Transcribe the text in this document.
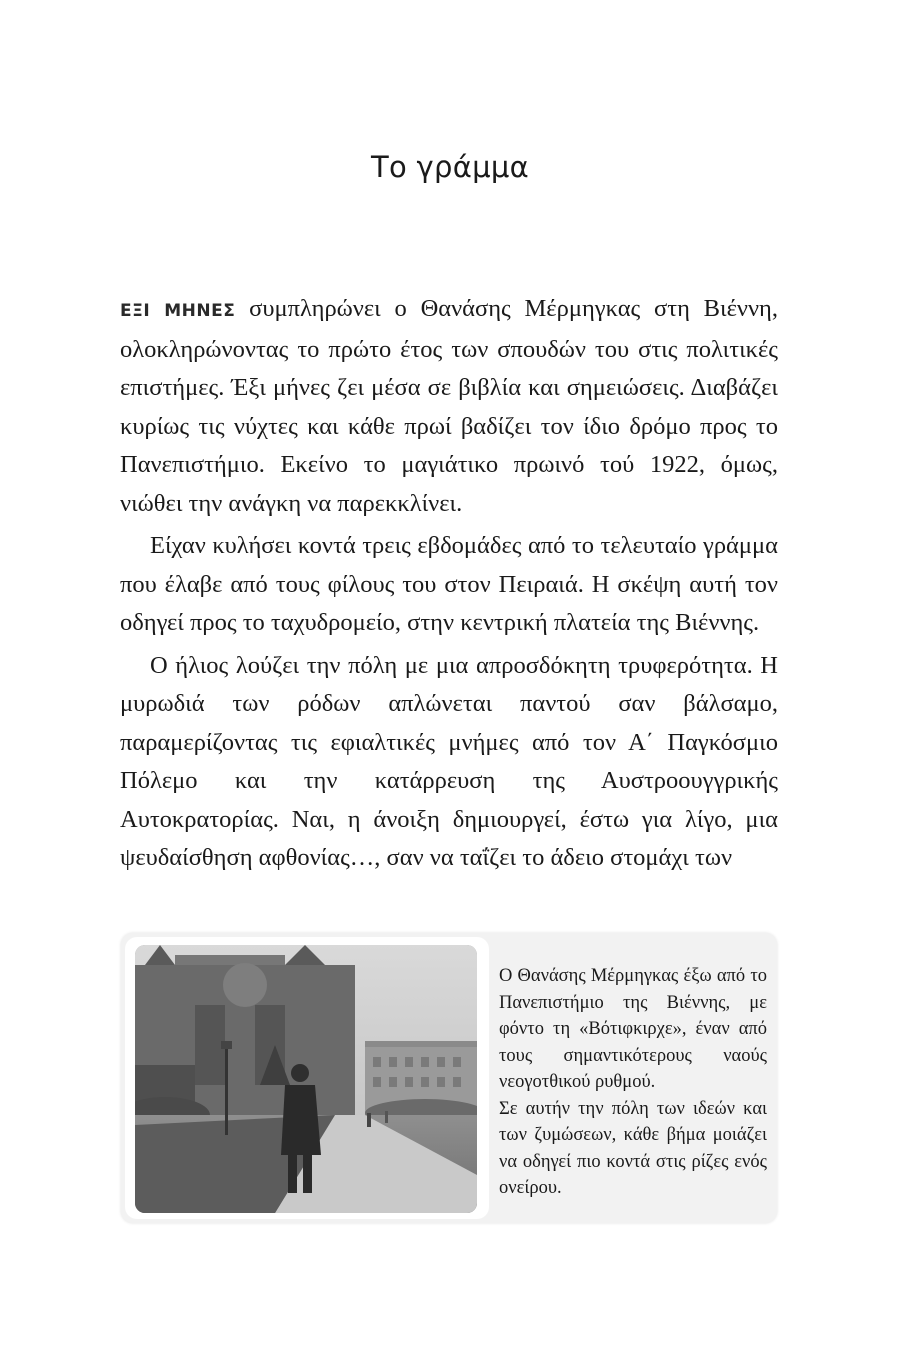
Το γράμμα

ΕΞΙ ΜΗΝΕΣ συμπληρώνει ο Θανάσης Μέρμηγκας στη Βιέννη, ολοκληρώνοντας το πρώτο έτος των σπουδών του στις πολιτικές επιστήμες. Έξι μήνες ζει μέσα σε βιβλία και σημειώσεις. Διαβάζει κυρίως τις νύχτες και κάθε πρωί βαδίζει τον ίδιο δρόμο προς το Πανεπιστήμιο. Εκείνο το μαγιάτικο πρωινό τού 1922, όμως, νιώθει την ανάγκη να παρεκκλίνει.

Είχαν κυλήσει κοντά τρεις εβδομάδες από το τελευταίο γράμμα που έλαβε από τους φίλους του στον Πειραιά. Η σκέψη αυτή τον οδηγεί προς το ταχυδρομείο, στην κεντρική πλατεία της Βιέννης.

Ο ήλιος λούζει την πόλη με μια απροσδόκητη τρυφερότητα. Η μυρωδιά των ρόδων απλώνεται παντού σαν βάλσαμο, παραμερίζοντας τις εφιαλτικές μνήμες από τον Α΄ Παγκόσμιο Πόλεμο και την κατάρρευση της Αυστροουγγρικής Αυτοκρατορίας. Ναι, η άνοιξη δημιουργεί, έστω για λίγο, μια ψευδαίσθηση αφθονίας…, σαν να ταΐζει το άδειο στομάχι των

Ο Θανάσης Μέρμηγκας έξω από το Πανεπιστήμιο της Βιέννης, με φόντο τη «Βότιφκιρχε», έναν από τους σημαντικότερους ναούς νεογοτθικού ρυθμού.

Σε αυτήν την πόλη των ιδεών και των ζυμώσεων, κάθε βήμα μοιάζει να οδηγεί πιο κοντά στις ρίζες ενός ονείρου.
